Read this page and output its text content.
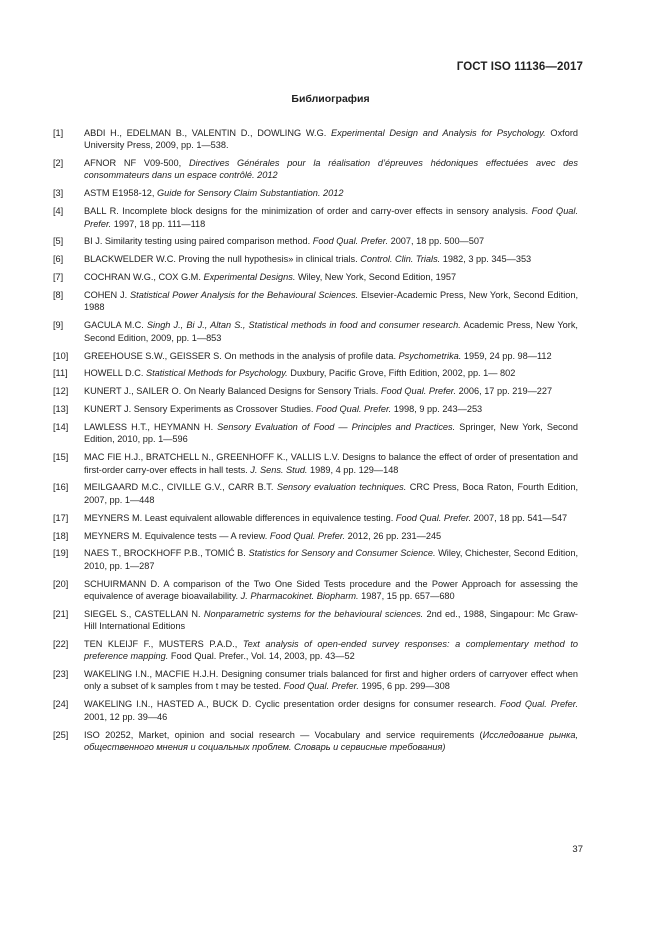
ГОСТ ISO 11136—2017
Библиография
[1]	ABDI H., EDELMAN B., VALENTIN D., DOWLING W.G. Experimental Design and Analysis for Psychology. Oxford University Press, 2009, pp. 1—538.
[2]	AFNOR NF V09-500, Directives Générales pour la réalisation d’épreuves hédoniques effectuées avec des consommateurs dans un espace contrôlé. 2012
[3]	ASTM E1958-12, Guide for Sensory Claim Substantiation. 2012
[4]	BALL R. Incomplete block designs for the minimization of order and carry-over effects in sensory analysis. Food Qual. Prefer. 1997, 18 pp. 111—118
[5]	BI J. Similarity testing using paired comparison method. Food Qual. Prefer. 2007, 18 pp. 500—507
[6]	BLACKWELDER W.C. Proving the null hypothesis» in clinical trials. Control. Clin. Trials. 1982, 3 pp. 345—353
[7]	COCHRAN W.G., COX G.M. Experimental Designs. Wiley, New York, Second Edition, 1957
[8]	COHEN J. Statistical Power Analysis for the Behavioural Sciences. Elsevier-Academic Press, New York, Second Edition, 1988
[9]	GACULA M.C. Singh J., Bi J., Altan S., Statistical methods in food and consumer research. Academic Press, New York, Second Edition, 2009, pp. 1—853
[10]	GREEHOUSE S.W., GEISSER S. On methods in the analysis of profile data. Psychometrika. 1959, 24 pp. 98—112
[11]	HOWELL D.C. Statistical Methods for Psychology. Duxbury, Pacific Grove, Fifth Edition, 2002, pp. 1— 802
[12]	KUNERT J., SAILER O. On Nearly Balanced Designs for Sensory Trials. Food Qual. Prefer. 2006, 17 pp. 219—227
[13]	KUNERT J. Sensory Experiments as Crossover Studies. Food Qual. Prefer. 1998, 9 pp. 243—253
[14]	LAWLESS H.T., HEYMANN H. Sensory Evaluation of Food — Principles and Practices. Springer, New York, Second Edition, 2010, pp. 1—596
[15]	MAC FIE H.J., BRATCHELL N., GREENHOFF K., VALLIS L.V. Designs to balance the effect of order of presentation and first-order carry-over effects in hall tests. J. Sens. Stud. 1989, 4 pp. 129—148
[16]	MEILGAARD M.C., CIVILLE G.V., CARR B.T. Sensory evaluation techniques. CRC Press, Boca Raton, Fourth Edition, 2007, pp. 1—448
[17]	MEYNERS M. Least equivalent allowable differences in equivalence testing. Food Qual. Prefer. 2007, 18 pp. 541—547
[18]	MEYNERS M. Equivalence tests — A review. Food Qual. Prefer. 2012, 26 pp. 231—245
[19]	NAES T., BROCKHOFF P.B., TOMIĆ B. Statistics for Sensory and Consumer Science. Wiley, Chichester, Second Edition, 2010, pp. 1—287
[20]	SCHUIRMANN D. A comparison of the Two One Sided Tests procedure and the Power Approach for assessing the equivalence of average bioavailability. J. Pharmacokinet. Biopharm. 1987, 15 pp. 657—680
[21]	SIEGEL S., CASTELLAN N. Nonparametric systems for the behavioural sciences. 2nd ed., 1988, Singapour: Mc Graw-Hill International Editions
[22]	TEN KLEIJF F., MUSTERS P.A.D., Text analysis of open-ended survey responses: a complementary method to preference mapping. Food Qual. Prefer., Vol. 14, 2003, pp. 43—52
[23]	WAKELING I.N., MACFIE H.J.H. Designing consumer trials balanced for first and higher orders of carryover effect when only a subset of k samples from t may be tested. Food Qual. Prefer. 1995, 6 pp. 299—308
[24]	WAKELING I.N., HASTED A., BUCK D. Cyclic presentation order designs for consumer research. Food Qual. Prefer. 2001, 12 pp. 39—46
[25]	ISO 20252, Market, opinion and social research — Vocabulary and service requirements (Исследование рынка, общественного мнения и социальных проблем. Словарь и сервисные требования)
37
